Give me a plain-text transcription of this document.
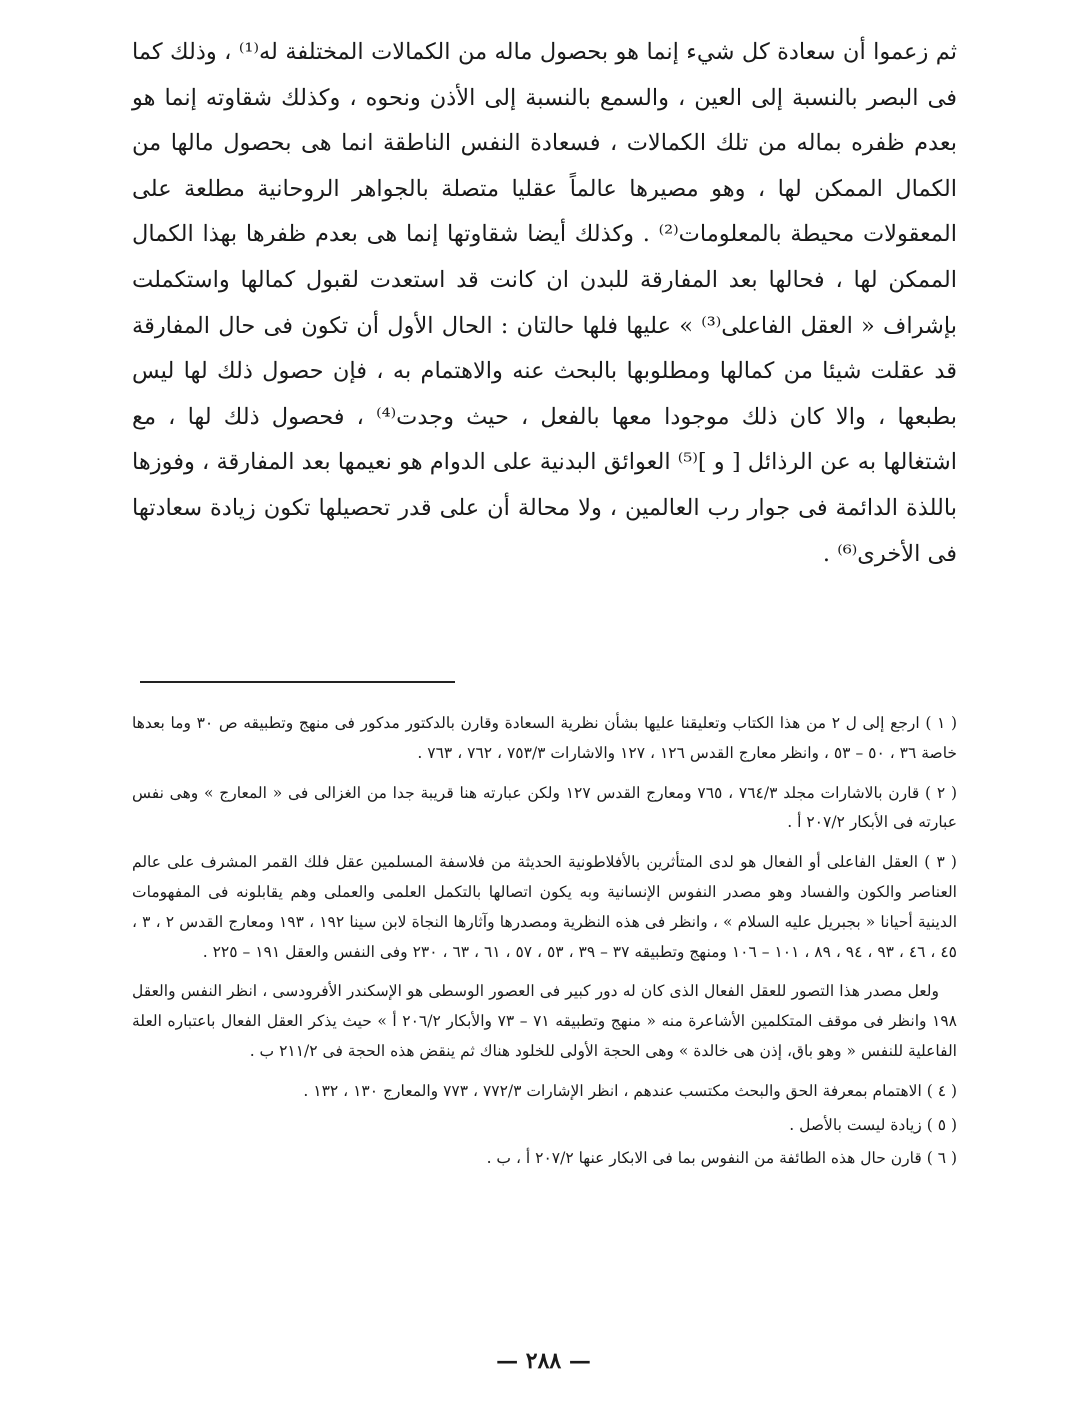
ثم زعموا أن سعادة كل شيء إنما هو بحصول ماله من الكمالات المختلفة له⁽¹⁾ ، وذلك كما فى البصر بالنسبة إلى العين ، والسمع بالنسبة إلى الأذن ونحوه ، وكذلك شقاوته إنما هو بعدم ظفره بماله من تلك الكمالات ، فسعادة النفس الناطقة انما هى بحصول مالها من الكمال الممكن لها ، وهو مصيرها عالماً عقليا متصلة بالجواهر الروحانية مطلعة على المعقولات محيطة بالمعلومات⁽²⁾ . وكذلك أيضا شقاوتها إنما هى بعدم ظفرها بهذا الكمال الممكن لها ، فحالها بعد المفارقة للبدن ان كانت قد استعدت لقبول كمالها واستكملت بإشراف « العقل الفاعلى⁽³⁾ » عليها فلها حالتان : الحال الأول أن تكون فى حال المفارقة قد عقلت شيئا من كمالها ومطلوبها بالبحث عنه والاهتمام به ، فإن حصول ذلك لها ليس بطبعها ، والا كان ذلك موجودا معها بالفعل ، حيث وجدت⁽⁴⁾ ، فحصول ذلك لها ، مع اشتغالها به عن الرذائل [ و ]⁽⁵⁾ العوائق البدنية على الدوام هو نعيمها بعد المفارقة ، وفوزها باللذة الدائمة فى جوار رب العالمين ، ولا محالة أن على قدر تحصيلها تكون زيادة سعادتها فى الأخرى⁽⁶⁾ .

( ١ ) ارجع إلى ل ٢ من هذا الكتاب وتعليقنا عليها بشأن نظرية السعادة وقارن بالدكتور مدكور فى منهج وتطبيقه ص ٣٠ وما بعدها خاصة ٣٦ ، ٥٠ – ٥٣ ، وانظر معارج القدس ١٢٦ ، ١٢٧ والاشارات ٧٥٣/٣ ، ٧٦٢ ، ٧٦٣ .

( ٢ ) قارن بالاشارات مجلد ٧٦٤/٣ ، ٧٦٥ ومعارج القدس ١٢٧ ولكن عبارته هنا قريبة جدا من الغزالى فى « المعارج » وهى نفس عبارته فى الأبكار ٢٠٧/٢ أ .

( ٣ ) العقل الفاعلى أو الفعال هو لدى المتأثرين بالأفلاطونية الحديثة من فلاسفة المسلمين عقل فلك القمر المشرف على عالم العناصر والكون والفساد وهو مصدر النفوس الإنسانية وبه يكون اتصالها بالتكمل العلمى والعملى وهم يقابلونه فى المفهومات الدينية أحيانا « بجبريل عليه السلام » ، وانظر فى هذه النظرية ومصدرها وآثارها النجاة لابن سينا ١٩٢ ، ١٩٣ ومعارج القدس ٢ ، ٣ ، ٤٥ ، ٤٦ ، ٩٣ ، ٩٤ ، ٨٩ ، ١٠١ – ١٠٦ ومنهج وتطبيقه ٣٧ – ٣٩ ، ٥٣ ، ٥٧ ، ٦١ ، ٦٣ ، ٢٣٠ وفى النفس والعقل ١٩١ – ٢٢٥ .

ولعل مصدر هذا التصور للعقل الفعال الذى كان له دور كبير فى العصور الوسطى هو الإسكندر الأفرودسى ، انظر النفس والعقل ١٩٨ وانظر فى موقف المتكلمين الأشاعرة منه « منهج وتطبيقه ٧١ – ٧٣ والأبكار ٢٠٦/٢ أ » حيث يذكر العقل الفعال باعتباره العلة الفاعلية للنفس « وهو باق، إذن هى خالدة » وهى الحجة الأولى للخلود هناك ثم ينقض هذه الحجة فى ٢١١/٢ ب .

( ٤ ) الاهتمام بمعرفة الحق والبحث مكتسب عندهم ، انظر الإشارات ٧٧٢/٣ ، ٧٧٣ والمعارج ١٣٠ ، ١٣٢ .

( ٥ ) زيادة ليست بالأصل .

( ٦ ) قارن حال هذه الطائفة من النفوس بما فى الابكار عنها ٢٠٧/٢ أ ، ب .

— ٢٨٨ —
